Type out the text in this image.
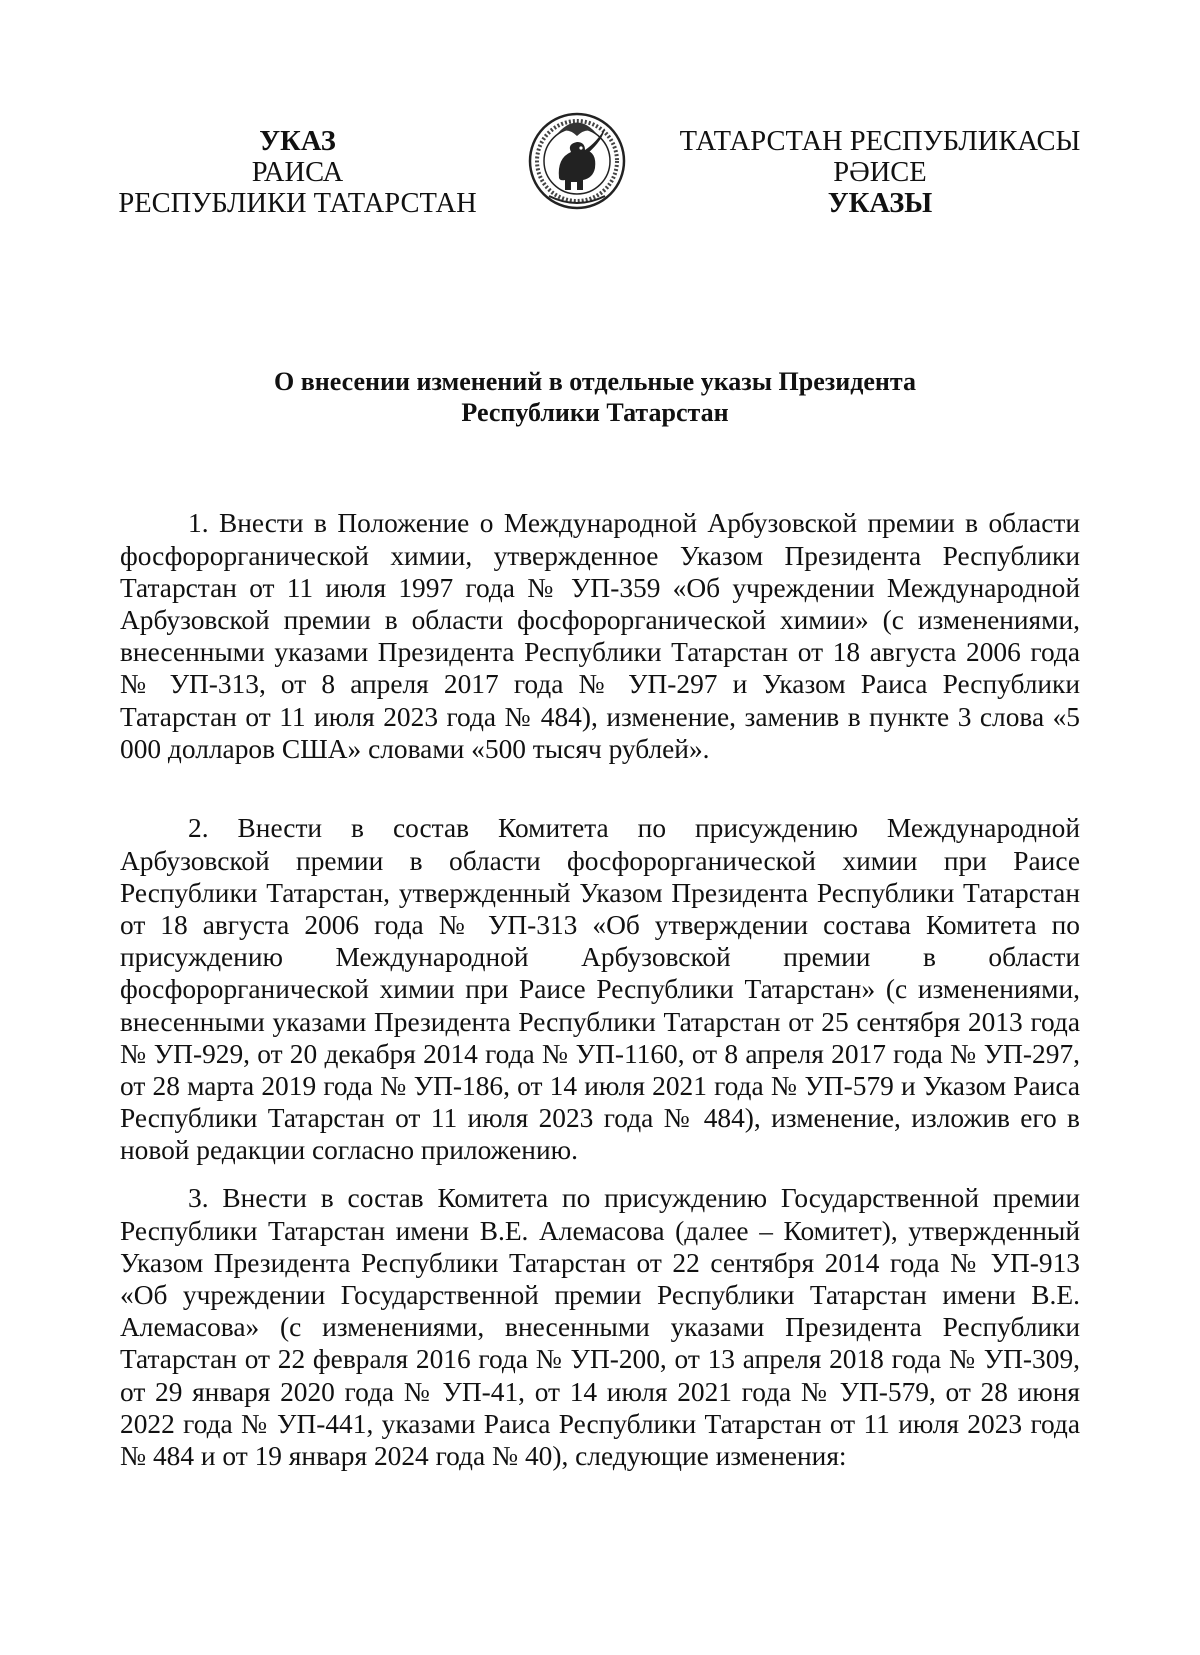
УКАЗ
РАИСА
РЕСПУБЛИКИ ТАТАРСТАН
ТАТАРСТАН РЕСПУБЛИКАСЫ
РӘИСЕ
УКАЗЫ
О внесении изменений в отдельные указы Президента
Республики Татарстан

1. Внести в Положение о Международной Арбузовской премии в области фосфорорганической химии, утвержденное Указом Президента Республики Татарстан от 11 июля 1997 года № УП-359 «Об учреждении Международной Арбузовской премии в области фосфорорганической химии» (с изменениями, внесенными указами Президента Республики Татарстан от 18 августа 2006 года № УП-313, от 8 апреля 2017 года № УП-297 и Указом Раиса Республики Татарстан от 11 июля 2023 года № 484), изменение, заменив в пункте 3 слова «5 000 долларов США» словами «500 тысяч рублей».

2. Внести в состав Комитета по присуждению Международной Арбузовской премии в области фосфорорганической химии при Раисе Республики Татарстан, утвержденный Указом Президента Республики Татарстан от 18 августа 2006 года № УП-313 «Об утверждении состава Комитета по присуждению Международной Арбузовской премии в области фосфорорганической химии при Раисе Республики Татарстан» (с изменениями, внесенными указами Президента Республики Татарстан от 25 сентября 2013 года № УП-929, от 20 декабря 2014 года № УП-1160, от 8 апреля 2017 года № УП-297, от 28 марта 2019 года № УП-186, от 14 июля 2021 года № УП-579 и Указом Раиса Республики Татарстан от 11 июля 2023 года № 484), изменение, изложив его в новой редакции согласно приложению.

3. Внести в состав Комитета по присуждению Государственной премии Республики Татарстан имени В.Е. Алемасова (далее – Комитет), утвержденный Указом Президента Республики Татарстан от 22 сентября 2014 года № УП-913 «Об учреждении Государственной премии Республики Татарстан имени В.Е. Алемасова» (с изменениями, внесенными указами Президента Республики Татарстан от 22 февраля 2016 года № УП-200, от 13 апреля 2018 года № УП-309, от 29 января 2020 года № УП-41, от 14 июля 2021 года № УП-579, от 28 июня 2022 года № УП-441, указами Раиса Республики Татарстан от 11 июля 2023 года № 484 и от 19 января 2024 года № 40), следующие изменения:
